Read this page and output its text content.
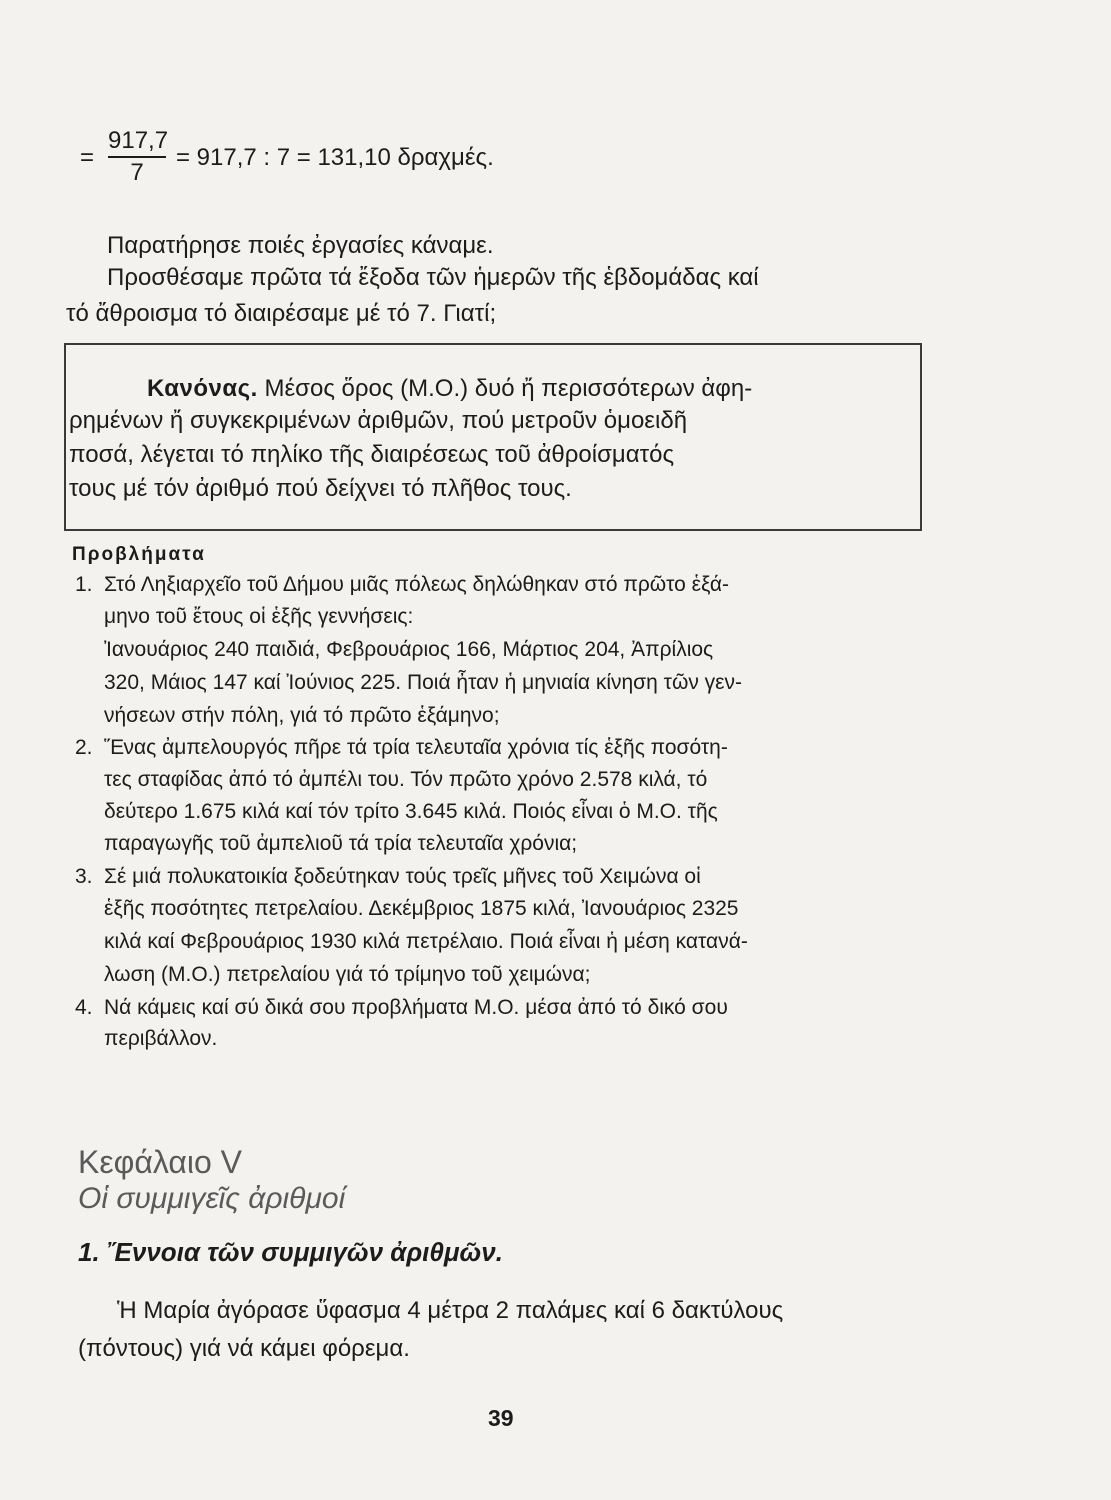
=
917,7
7
= 917,7 : 7 = 131,10 δραχμές.
Παρατήρησε ποιές ἐργασίες κάναμε.
Προσθέσαμε πρῶτα τά ἔξοδα τῶν ἡμερῶν τῆς ἑβδομάδας καί
τό ἄθροισμα τό διαιρέσαμε μέ τό 7. Γιατί;
Κανόνας. Μέσος ὅρος (Μ.Ο.) δυό ἤ περισσότερων ἀφη-
ρημένων ἤ συγκεκριμένων ἀριθμῶν, πού μετροῦν ὁμοειδῆ
ποσά, λέγεται τό πηλίκο τῆς διαιρέσεως τοῦ ἀθροίσματός
τους μέ τόν ἀριθμό πού δείχνει τό πλῆθος τους.
Προβλήματα
1. Στό Ληξιαρχεῖο τοῦ Δήμου μιᾶς πόλεως δηλώθηκαν στό πρῶτο ἑξά-
μηνο τοῦ ἔτους οἱ ἑξῆς γεννήσεις:
Ἰανουάριος 240 παιδιά, Φεβρουάριος 166, Μάρτιος 204, Ἀπρίλιος
320, Μάιος 147 καί Ἰούνιος 225. Ποιά ἦταν ἡ μηνιαία κίνηση τῶν γεν-
νήσεων στήν πόλη, γιά τό πρῶτο ἑξάμηνο;
2. Ἕνας ἀμπελουργός πῆρε τά τρία τελευταῖα χρόνια τίς ἑξῆς ποσότη-
τες σταφίδας ἀπό τό ἀμπέλι του. Τόν πρῶτο χρόνο 2.578 κιλά, τό
δεύτερο 1.675 κιλά καί τόν τρίτο 3.645 κιλά. Ποιός εἶναι ὁ Μ.Ο. τῆς
παραγωγῆς τοῦ ἀμπελιοῦ τά τρία τελευταῖα χρόνια;
3. Σέ μιά πολυκατοικία ξοδεύτηκαν τούς τρεῖς μῆνες τοῦ Χειμώνα οἱ
ἑξῆς ποσότητες πετρελαίου. Δεκέμβριος 1875 κιλά, Ἰανουάριος 2325
κιλά καί Φεβρουάριος 1930 κιλά πετρέλαιο. Ποιά εἶναι ἡ μέση κατανά-
λωση (Μ.Ο.) πετρελαίου γιά τό τρίμηνο τοῦ χειμώνα;
4. Νά κάμεις καί σύ δικά σου προβλήματα Μ.Ο. μέσα ἀπό τό δικό σου
περιβάλλον.
Κεφάλαιο V
Οἱ συμμιγεῖς ἀριθμοί
1. Ἔννοια τῶν συμμιγῶν ἀριθμῶν.
Ἡ Μαρία ἀγόρασε ὕφασμα 4 μέτρα 2 παλάμες καί 6 δακτύλους
(πόντους) γιά νά κάμει φόρεμα.
39
